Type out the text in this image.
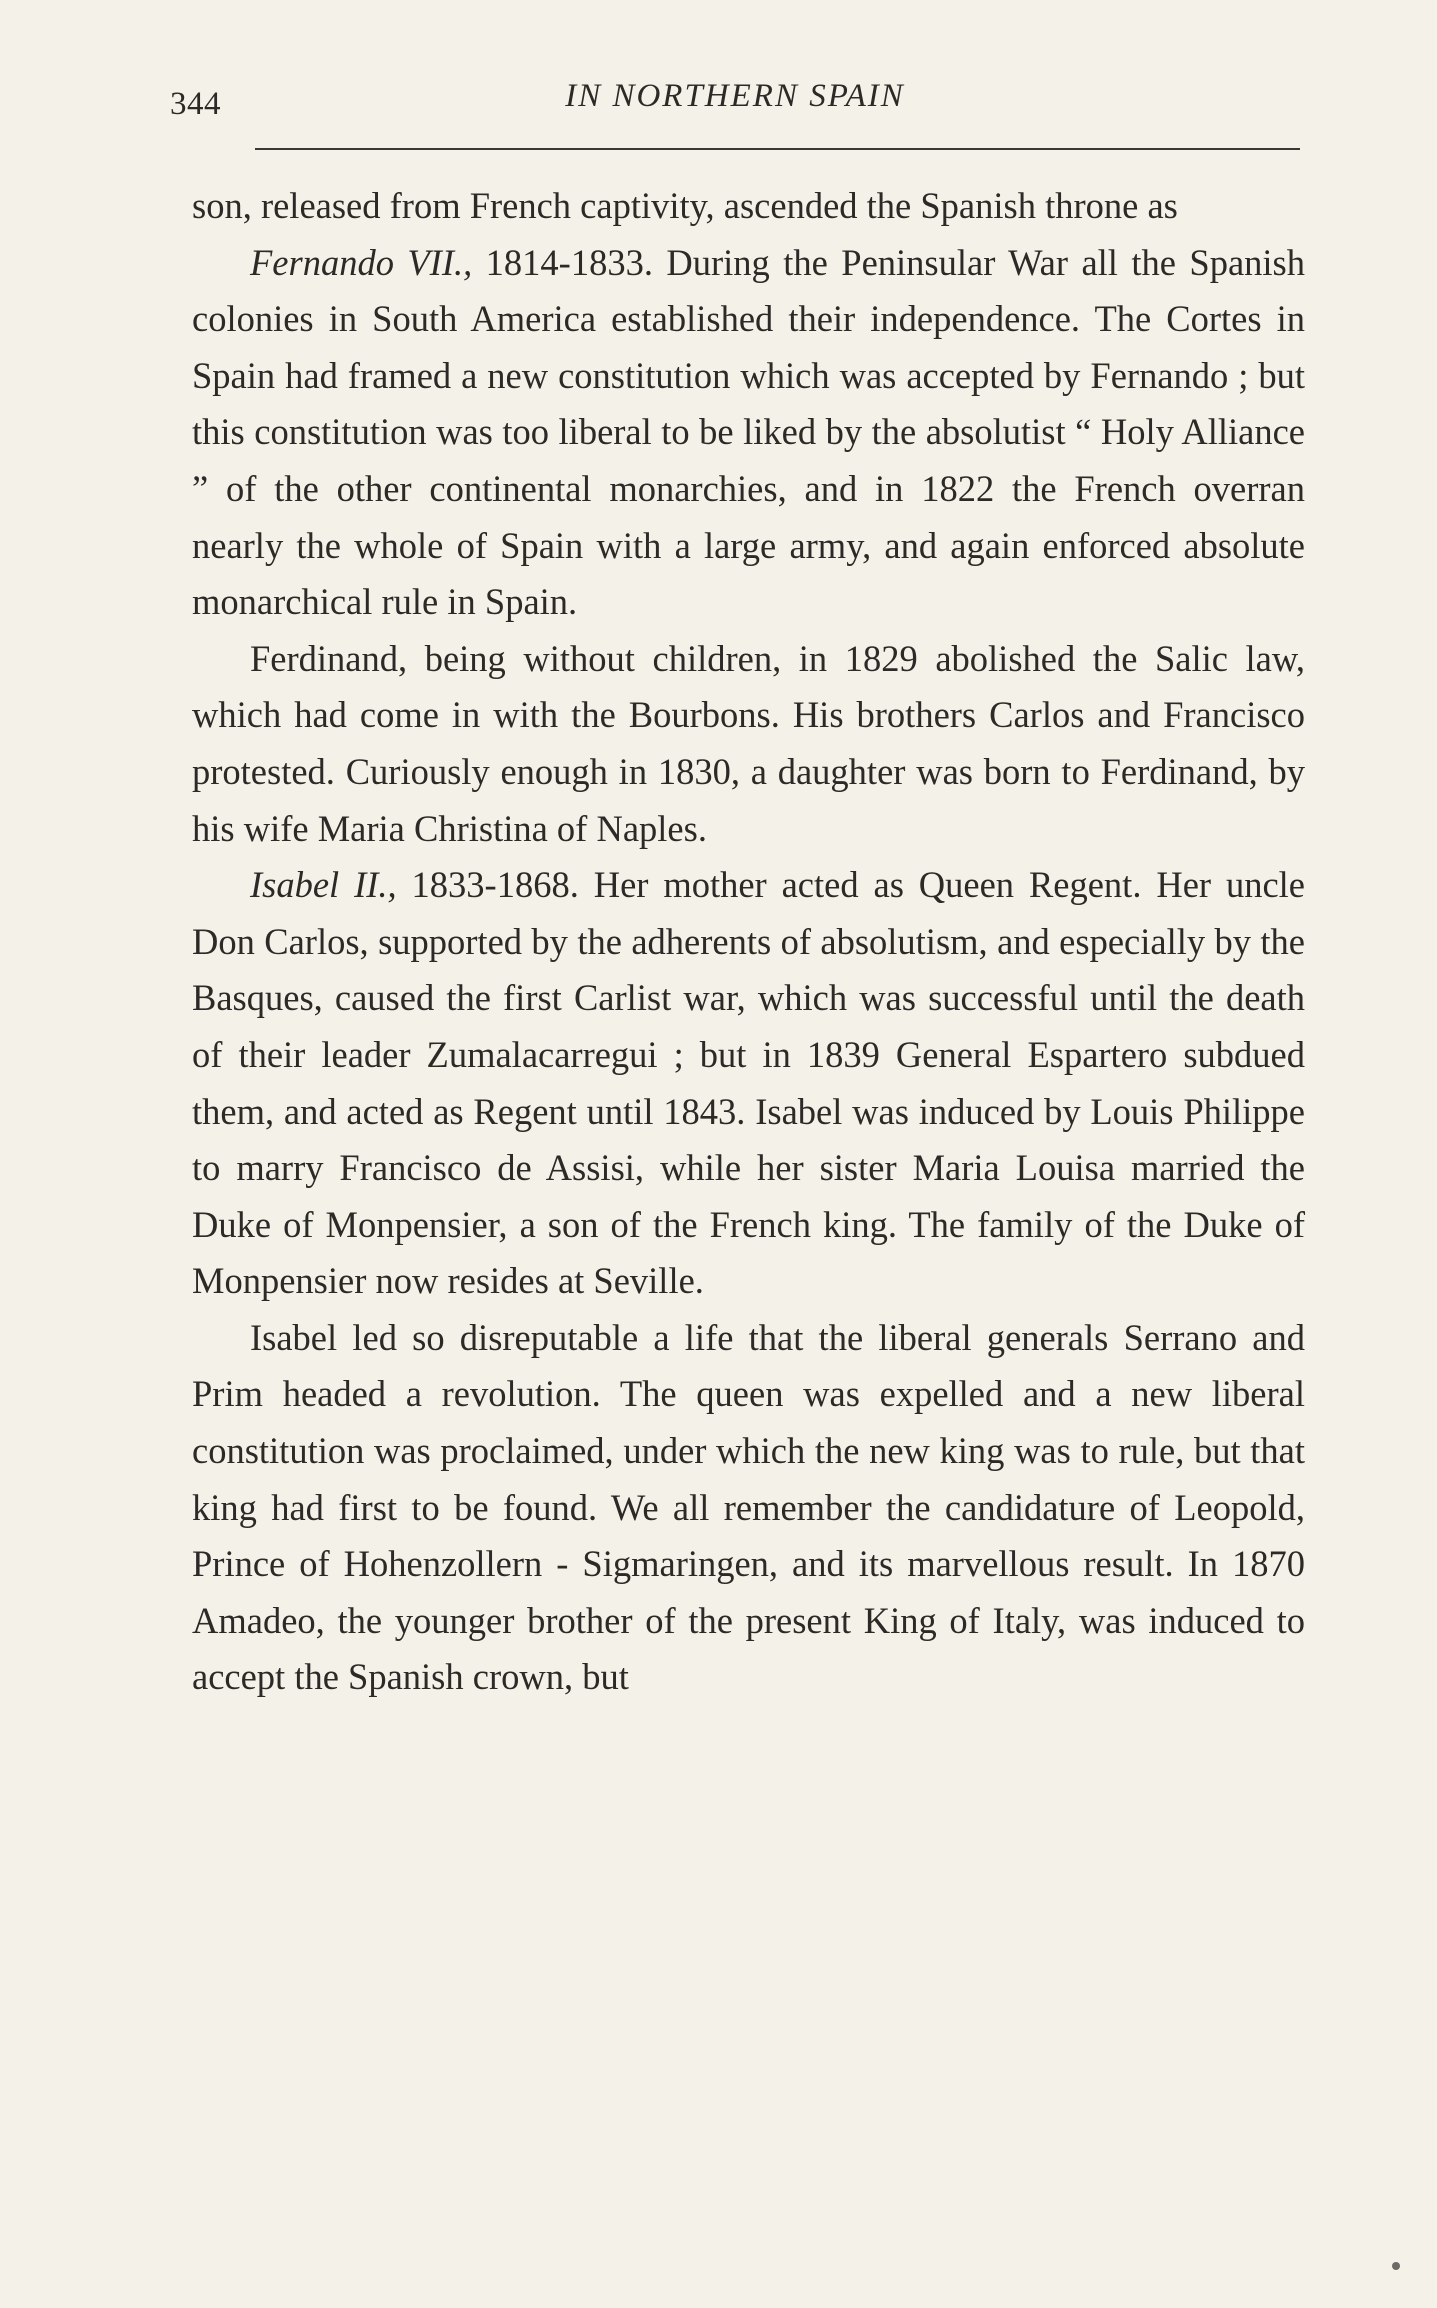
344	IN NORTHERN SPAIN

son, released from French captivity, ascended the Spanish throne as

Fernando VII., 1814-1833. During the Peninsular War all the Spanish colonies in South America established their independence. The Cortes in Spain had framed a new constitution which was accepted by Fernando ; but this constitution was too liberal to be liked by the absolutist “ Holy Alliance ” of the other continental monarchies, and in 1822 the French overran nearly the whole of Spain with a large army, and again enforced absolute monarchical rule in Spain.

Ferdinand, being without children, in 1829 abolished the Salic law, which had come in with the Bourbons. His brothers Carlos and Francisco protested. Curiously enough in 1830, a daughter was born to Ferdinand, by his wife Maria Christina of Naples.

Isabel II., 1833-1868. Her mother acted as Queen Regent. Her uncle Don Carlos, supported by the adherents of absolutism, and especially by the Basques, caused the first Carlist war, which was successful until the death of their leader Zumalacarregui ; but in 1839 General Espartero subdued them, and acted as Regent until 1843. Isabel was induced by Louis Philippe to marry Francisco de Assisi, while her sister Maria Louisa married the Duke of Monpensier, a son of the French king. The family of the Duke of Monpensier now resides at Seville.

Isabel led so disreputable a life that the liberal generals Serrano and Prim headed a revolution. The queen was expelled and a new liberal constitution was proclaimed, under which the new king was to rule, but that king had first to be found. We all remember the candidature of Leopold, Prince of Hohenzollern - Sigmaringen, and its marvellous result. In 1870 Amadeo, the younger brother of the present King of Italy, was induced to accept the Spanish crown, but
